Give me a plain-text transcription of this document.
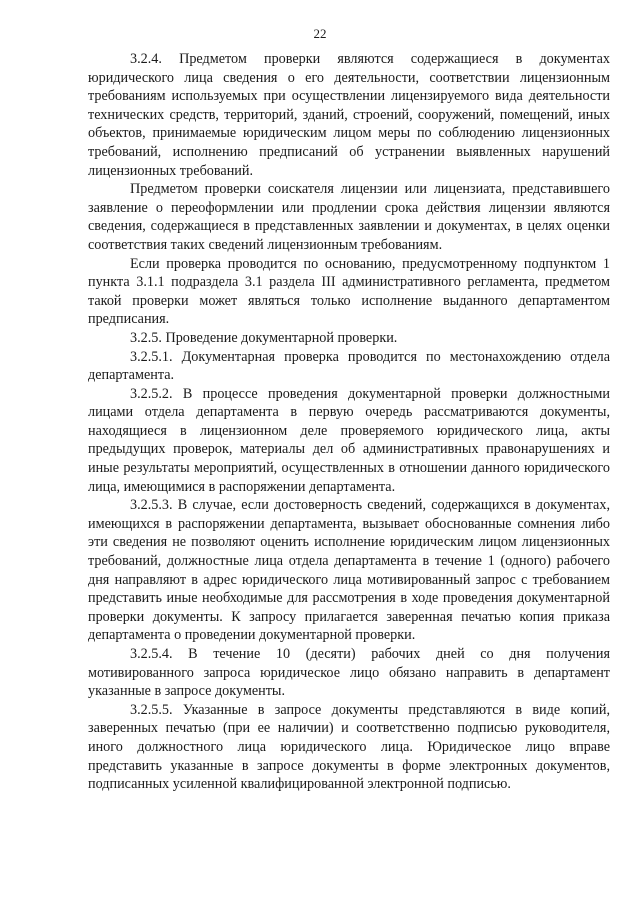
22

3.2.4. Предметом проверки являются содержащиеся в документах юридического лица сведения о его деятельности, соответствии лицензионным требованиям используемых при осуществлении лицензируемого вида деятельности технических средств, территорий, зданий, строений, сооружений, помещений, иных объектов, принимаемые юридическим лицом меры по соблюдению лицензионных требований, исполнению предписаний об устранении выявленных нарушений лицензионных требований.

Предметом проверки соискателя лицензии или лицензиата, представившего заявление о переоформлении или продлении срока действия лицензии являются сведения, содержащиеся в представленных заявлении и документах, в целях оценки соответствия таких сведений лицензионным требованиям.

Если проверка проводится по основанию, предусмотренному подпунктом 1 пункта 3.1.1 подраздела 3.1 раздела III административного регламента, предметом такой проверки может являться только исполнение выданного департаментом предписания.

3.2.5. Проведение документарной проверки.

3.2.5.1. Документарная проверка проводится по местонахождению отдела департамента.

3.2.5.2. В процессе проведения документарной проверки должностными лицами отдела департамента в первую очередь рассматриваются документы, находящиеся в лицензионном деле проверяемого юридического лица, акты предыдущих проверок, материалы дел об административных правонарушениях и иные результаты мероприятий, осуществленных в отношении данного юридического лица, имеющимися в распоряжении департамента.

3.2.5.3. В случае, если достоверность сведений, содержащихся в документах, имеющихся в распоряжении департамента, вызывает обоснованные сомнения либо эти сведения не позволяют оценить исполнение юридическим лицом лицензионных требований, должностные лица отдела департамента в течение 1 (одного) рабочего дня направляют в адрес юридического лица мотивированный запрос с требованием представить иные необходимые для рассмотрения в ходе проведения документарной проверки документы. К запросу прилагается заверенная печатью копия приказа департамента о проведении документарной проверки.

3.2.5.4. В течение 10 (десяти) рабочих дней со дня получения мотивированного запроса юридическое лицо обязано направить в департамент указанные в запросе документы.

3.2.5.5. Указанные в запросе документы представляются в виде копий, заверенных печатью (при ее наличии) и соответственно подписью руководителя, иного должностного лица юридического лица. Юридическое лицо вправе представить указанные в запросе документы в форме электронных документов, подписанных усиленной квалифицированной электронной подписью.
